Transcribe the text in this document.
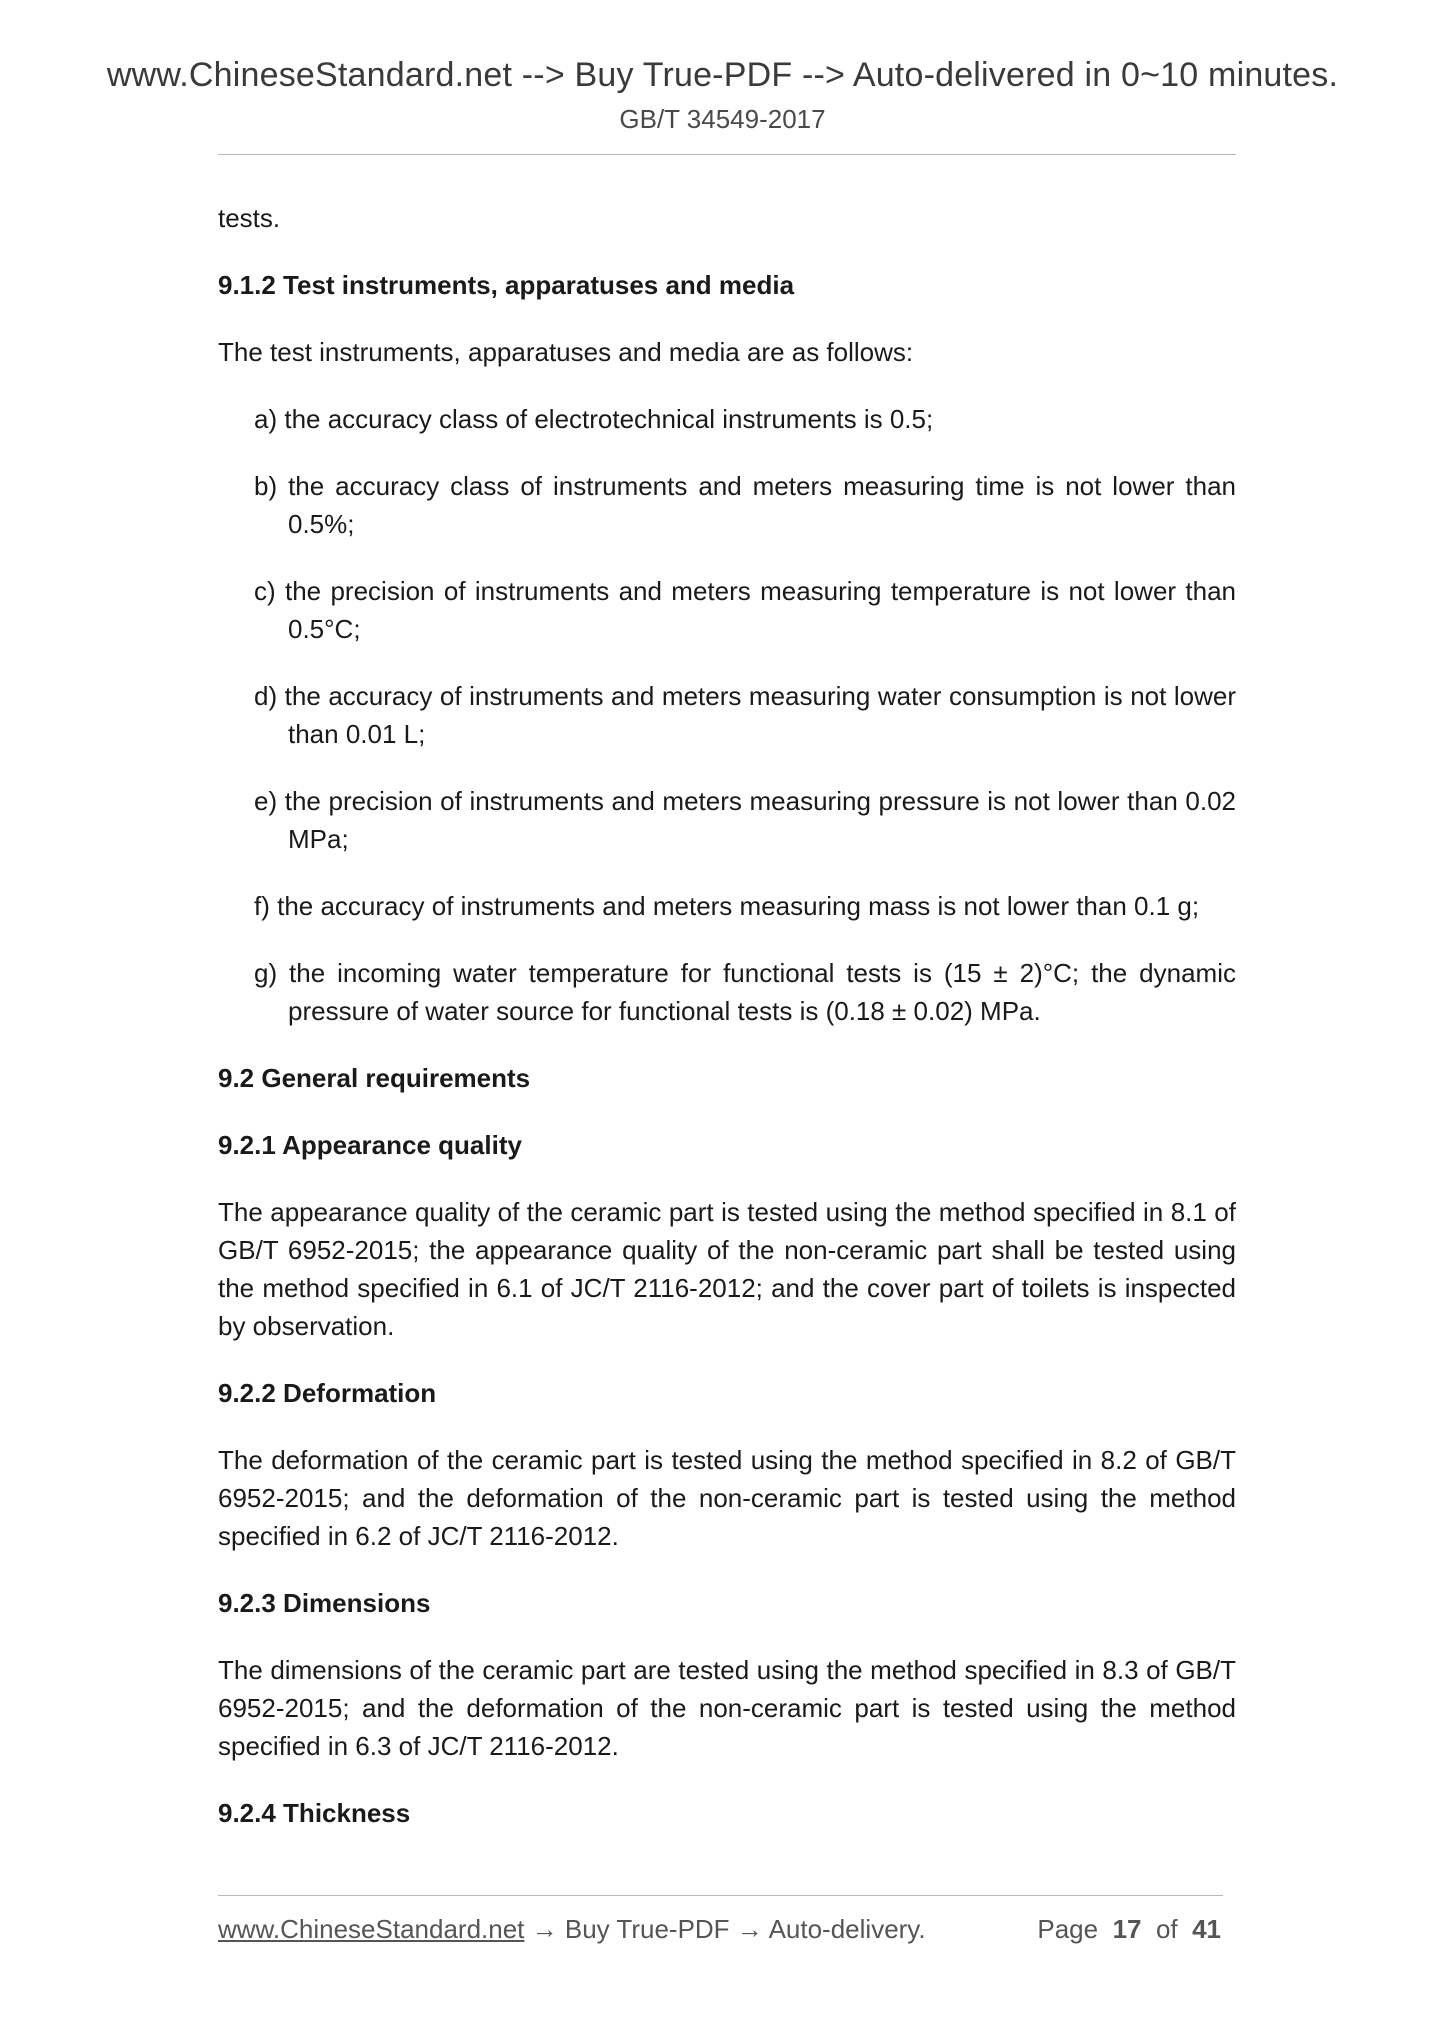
www.ChineseStandard.net --> Buy True-PDF --> Auto-delivered in 0~10 minutes.
GB/T 34549-2017

tests.

9.1.2 Test instruments, apparatuses and media

The test instruments, apparatuses and media are as follows:

a) the accuracy class of electrotechnical instruments is 0.5;

b) the accuracy class of instruments and meters measuring time is not lower than 0.5%;

c) the precision of instruments and meters measuring temperature is not lower than 0.5°C;

d) the accuracy of instruments and meters measuring water consumption is not lower than 0.01 L;

e) the precision of instruments and meters measuring pressure is not lower than 0.02 MPa;

f) the accuracy of instruments and meters measuring mass is not lower than 0.1 g;

g) the incoming water temperature for functional tests is (15 ± 2)°C; the dynamic pressure of water source for functional tests is (0.18 ± 0.02) MPa.

9.2 General requirements

9.2.1 Appearance quality

The appearance quality of the ceramic part is tested using the method specified in 8.1 of GB/T 6952-2015; the appearance quality of the non-ceramic part shall be tested using the method specified in 6.1 of JC/T 2116-2012; and the cover part of toilets is inspected by observation.

9.2.2 Deformation

The deformation of the ceramic part is tested using the method specified in 8.2 of GB/T 6952-2015; and the deformation of the non-ceramic part is tested using the method specified in 6.2 of JC/T 2116-2012.

9.2.3 Dimensions

The dimensions of the ceramic part are tested using the method specified in 8.3 of GB/T 6952-2015; and the deformation of the non-ceramic part is tested using the method specified in 6.3 of JC/T 2116-2012.

9.2.4 Thickness

www.ChineseStandard.net → Buy True-PDF → Auto-delivery.	Page 17 of 41
